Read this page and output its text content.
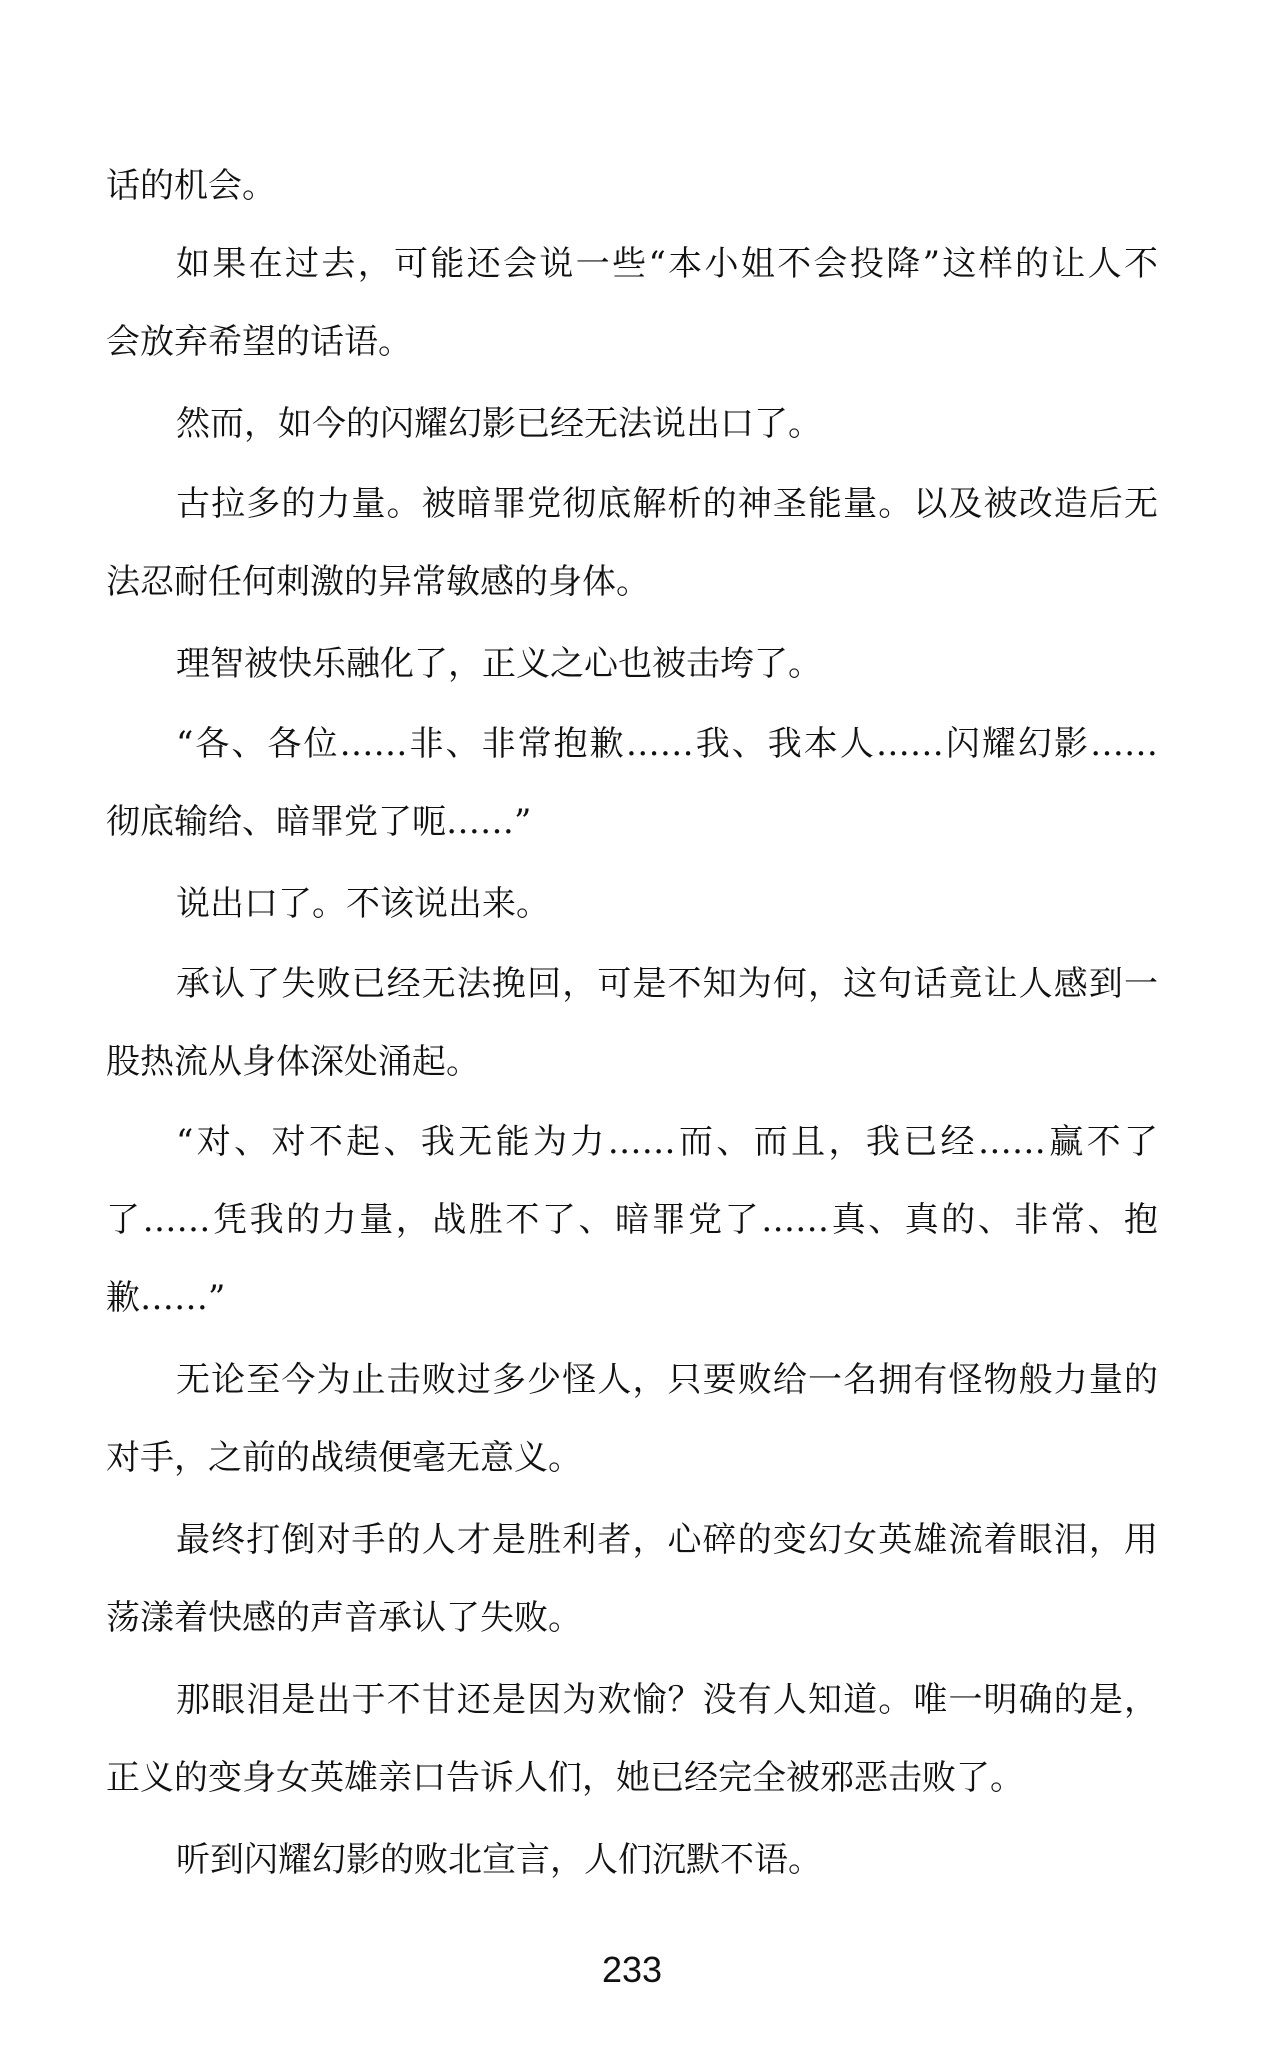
话的机会。
如果在过去，可能还会说一些“本小姐不会投降”这样的让人不
会放弃希望的话语。
然而，如今的闪耀幻影已经无法说出口了。
古拉多的力量。被暗罪党彻底解析的神圣能量。以及被改造后无
法忍耐任何刺激的异常敏感的身体。
理智被快乐融化了，正义之心也被击垮了。
“各、各位……非、非常抱歉……我、我本人……闪耀幻影……
彻底输给、暗罪党了呃……”
说出口了。不该说出来。
承认了失败已经无法挽回，可是不知为何，这句话竟让人感到一
股热流从身体深处涌起。
“对、对不起、我无能为力……而、而且，我已经……赢不了
了……凭我的力量，战胜不了、暗罪党了……真、真的、非常、抱
歉……”
无论至今为止击败过多少怪人，只要败给一名拥有怪物般力量的
对手，之前的战绩便毫无意义。
最终打倒对手的人才是胜利者，心碎的变幻女英雄流着眼泪，用
荡漾着快感的声音承认了失败。
那眼泪是出于不甘还是因为欢愉？没有人知道。唯一明确的是，
正义的变身女英雄亲口告诉人们，她已经完全被邪恶击败了。
听到闪耀幻影的败北宣言，人们沉默不语。
233
